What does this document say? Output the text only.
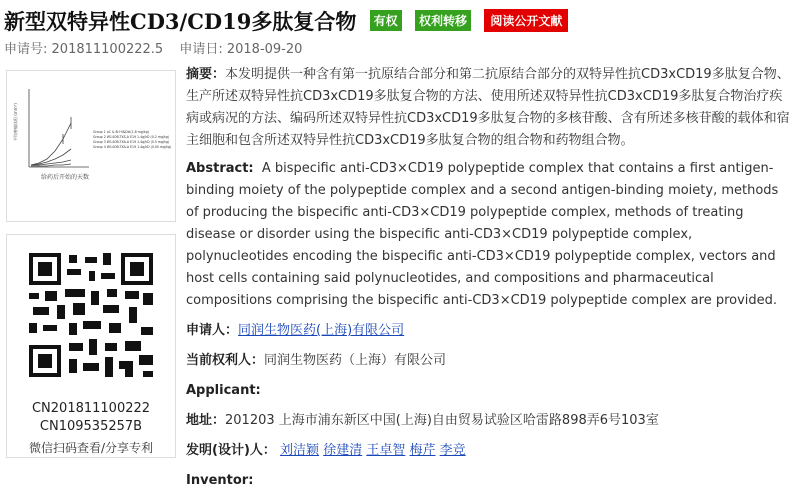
新型双特异性CD3/CD19多肽复合物 有权 权利转移 阅读公开文献
申请号: 201811100222.5 申请日: 2018-09-20
平均肿瘤体积 (mm³)	Group 1 oC & 8I Hi&D#(1.8 mg/kg)
Group 2 W14OB-TXS-A E19 1.4g/kD (0.2 mg/kg)
Group 3 W14OB-TXA-A E19 1.4g/kD (0.5 mg/kg)
Group 4 W14OB-TXA-A E19 1.4g/kD (0.00 mg/kg)
给药后开始的天数
CN201811100222
CN109535257B
微信扫码查看/分享专利

摘要：本发明提供一种含有第一抗原结合部分和第二抗原结合部分的双特异性抗CD3xCD19多肽复合物、生产所述双特异性抗CD3xCD19多肽复合物的方法、使用所述双特异性抗CD3xCD19多肽复合物治疗疾病或病况的方法、编码所述双特异性抗CD3xCD19多肽复合物的多核苷酸、含有所述多核苷酸的载体和宿主细胞和包含所述双特异性抗CD3xCD19多肽复合物的组合物和药物组合物。

Abstract: A bispecific anti-CD3×CD19 polypeptide complex that contains a first antigen-binding moiety of the polypeptide complex and a second antigen-binding moiety, methods of producing the bispecific anti-CD3×CD19 polypeptide complex, methods of treating disease or disorder using the bispecific anti-CD3×CD19 polypeptide complex, polynucleotides encoding the bispecific anti-CD3×CD19 polypeptide complex, vectors and host cells containing said polynucleotides, and compositions and pharmaceutical compositions comprising the bispecific anti-CD3×CD19 polypeptide complex are provided.

申请人：同润生物医药(上海)有限公司

当前权利人：同润生物医药（上海）有限公司

Applicant:

地址：201203 上海市浦东新区中国(上海)自由贸易试验区哈雷路898弄6号103室

发明(设计)人： 刘洁颖 徐建清 王卓智 梅芹 李竞

Inventor:
